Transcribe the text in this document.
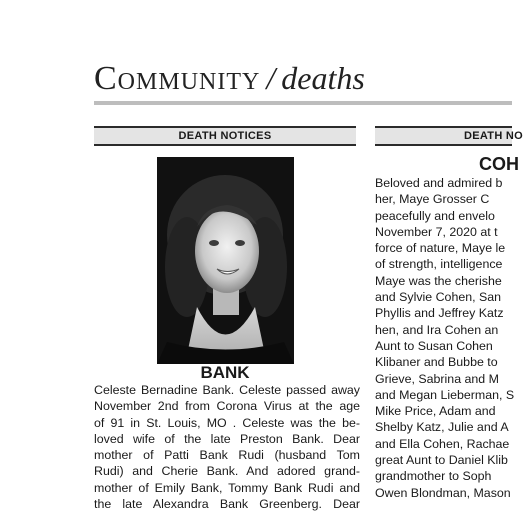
Community / deaths
DEATH NOTICES	DEATH NO
BANK
Celeste Bernadine Bank. Celeste passed away
November 2nd from Corona Virus at the age
of 91 in St. Louis, MO . Celeste was the be-
loved wife of the late Preston Bank. Dear
mother of Patti Bank Rudi (husband Tom
Rudi) and Cherie Bank. And adored grand-
mother of Emily Bank, Tommy Bank Rudi and
the late Alexandra Bank Greenberg. Dear
COH
Beloved and admired b
her, Maye Grosser C
peacefully and envelo
November 7, 2020 at t
force of nature, Maye le
of strength, intelligence
Maye was the cherishe
and Sylvie Cohen, San
Phyllis and Jeffrey Katz
hen, and Ira Cohen an
Aunt to Susan Cohen
Klibaner and Bubbe to
Grieve, Sabrina and M
and Megan Lieberman, S
Mike Price, Adam and
Shelby Katz, Julie and A
and Ella Cohen, Rachae
great Aunt to Daniel Klib
grandmother to Soph
Owen Blondman, Mason
